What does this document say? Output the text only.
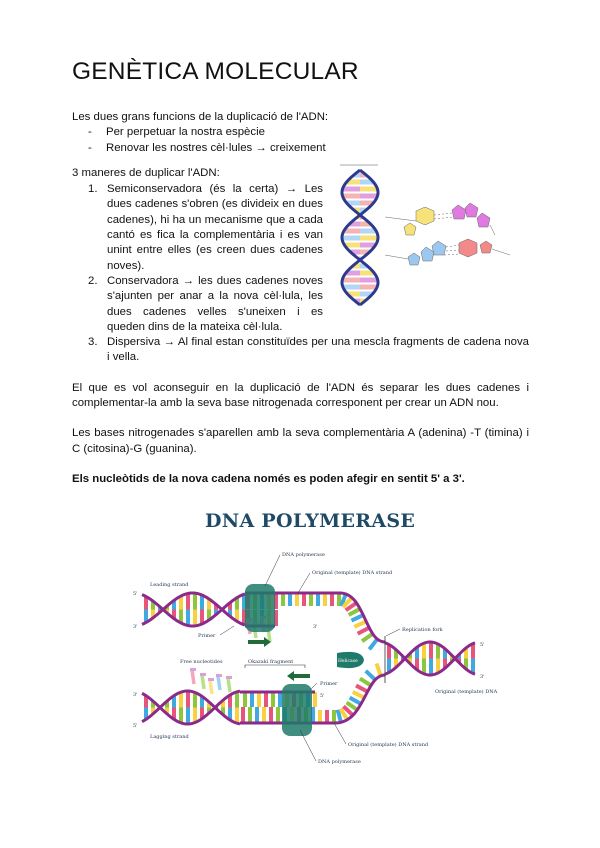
GENÈTICA MOLECULAR
Les dues grans funcions de la duplicació de l'ADN:
- Per perpetuar la nostra espècie
- Renovar les nostres cèl·lules → creixement
3 maneres de duplicar l'ADN:
1. Semiconservadora (és la certa) → Les dues cadenes s'obren (es divideix en dues cadenes), hi ha un mecanisme que a cada cantó es fica la complementària i es van unint entre elles (es creen dues cadenes noves).
2. Conservadora → les dues cadenes noves s'ajunten per anar a la nova cèl·lula, les dues cadenes velles s'uneixen i es queden dins de la mateixa cèl·lula.
3. Dispersiva → Al final estan constituïdes per una mescla fragments de cadena nova i vella.
El que es vol aconseguir en la duplicació de l'ADN és separar les dues cadenes i complementar-la amb la seva base nitrogenada corresponent per crear un ADN nou.
Les bases nitrogenades s'aparellen amb la seva complementària A (adenina) -T (timina) i C (citosina)-G (guanina).
Els nucleòtids de la nova cadena només es poden afegir en sentit 5' a 3'.
DNA POLYMERASE
DNA polymerase
Original (template) DNA strand
Leading strand
5'
3'
Primer
3'	Replication fork
Helicase
Free nucleotides	Okazaki fragment
Primer
5'
5'
3'
Original (template) DNA
3'
5'
Lagging strand
Original (template) DNA strand
DNA polymerase
